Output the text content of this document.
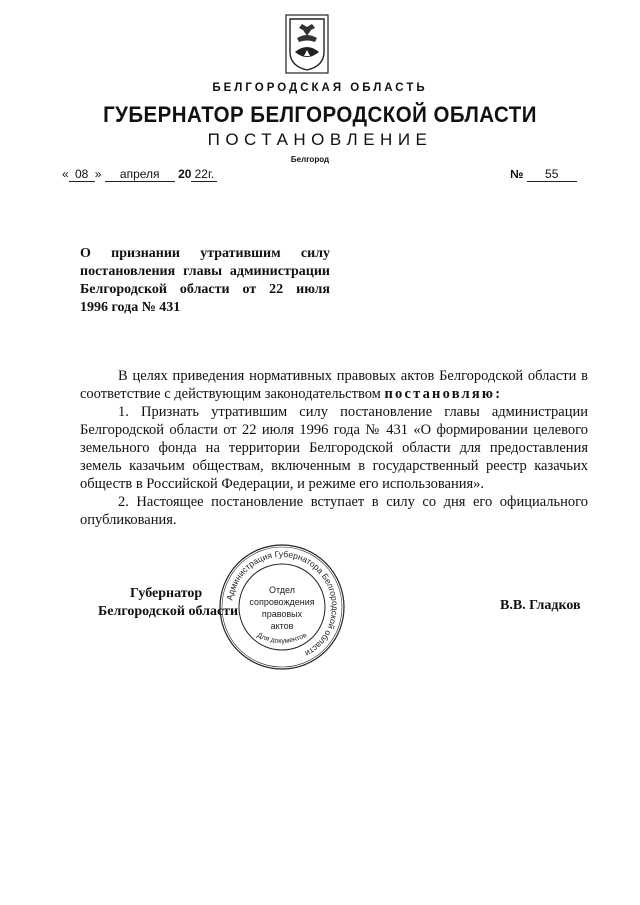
БЕЛГОРОДСКАЯ ОБЛАСТЬ
ГУБЕРНАТОР БЕЛГОРОДСКОЙ ОБЛАСТИ
ПОСТАНОВЛЕНИЕ
Белгород
« 08 » апреля 20 22г.	№ 55
О признании утратившим силу
постановления главы администрации
Белгородской области от 22 июля
1996 года № 431

В целях приведения нормативных правовых актов Белгородской области в соответствие с действующим законодательством постановляю:

1. Признать утратившим силу постановление главы администрации Белгородской области от 22 июля 1996 года № 431 «О формировании целевого земельного фонда на территории Белгородской области для предоставления земель казачьим обществам, включенным в государственный реестр казачьих обществ в Российской Федерации, и режиме его использования».

2. Настоящее постановление вступает в силу со дня его официального опубликования.

Губернатор
Белгородской области	В.В. Гладков
Администрация Губернатора Белгородской области
Отдел
сопровождения
правовых
актов
Для документов
